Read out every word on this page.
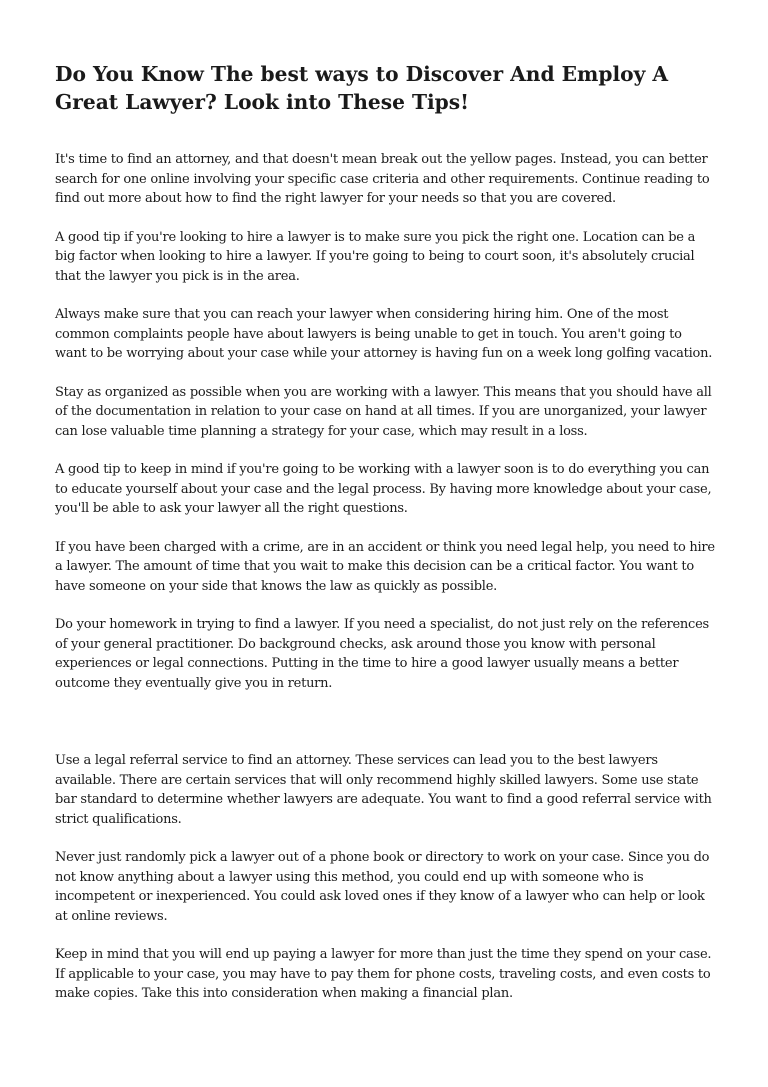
Do You Know The best ways to Discover And Employ A Great Lawyer? Look into These Tips!

It's time to find an attorney, and that doesn't mean break out the yellow pages. Instead, you can better search for one online involving your specific case criteria and other requirements. Continue reading to find out more about how to find the right lawyer for your needs so that you are covered.

A good tip if you're looking to hire a lawyer is to make sure you pick the right one. Location can be a big factor when looking to hire a lawyer. If you're going to being to court soon, it's absolutely crucial that the lawyer you pick is in the area.

Always make sure that you can reach your lawyer when considering hiring him. One of the most common complaints people have about lawyers is being unable to get in touch. You aren't going to want to be worrying about your case while your attorney is having fun on a week long golfing vacation.

Stay as organized as possible when you are working with a lawyer. This means that you should have all of the documentation in relation to your case on hand at all times. If you are unorganized, your lawyer can lose valuable time planning a strategy for your case, which may result in a loss.

A good tip to keep in mind if you're going to be working with a lawyer soon is to do everything you can to educate yourself about your case and the legal process. By having more knowledge about your case, you'll be able to ask your lawyer all the right questions.

If you have been charged with a crime, are in an accident or think you need legal help, you need to hire a lawyer. The amount of time that you wait to make this decision can be a critical factor. You want to have someone on your side that knows the law as quickly as possible.

Do your homework in trying to find a lawyer. If you need a specialist, do not just rely on the references of your general practitioner. Do background checks, ask around those you know with personal experiences or legal connections. Putting in the time to hire a good lawyer usually means a better outcome they eventually give you in return.

Use a legal referral service to find an attorney. These services can lead you to the best lawyers available. There are certain services that will only recommend highly skilled lawyers. Some use state bar standard to determine whether lawyers are adequate. You want to find a good referral service with strict qualifications.

Never just randomly pick a lawyer out of a phone book or directory to work on your case. Since you do not know anything about a lawyer using this method, you could end up with someone who is incompetent or inexperienced. You could ask loved ones if they know of a lawyer who can help or look at online reviews.

Keep in mind that you will end up paying a lawyer for more than just the time they spend on your case. If applicable to your case, you may have to pay them for phone costs, traveling costs, and even costs to make copies. Take this into consideration when making a financial plan.
